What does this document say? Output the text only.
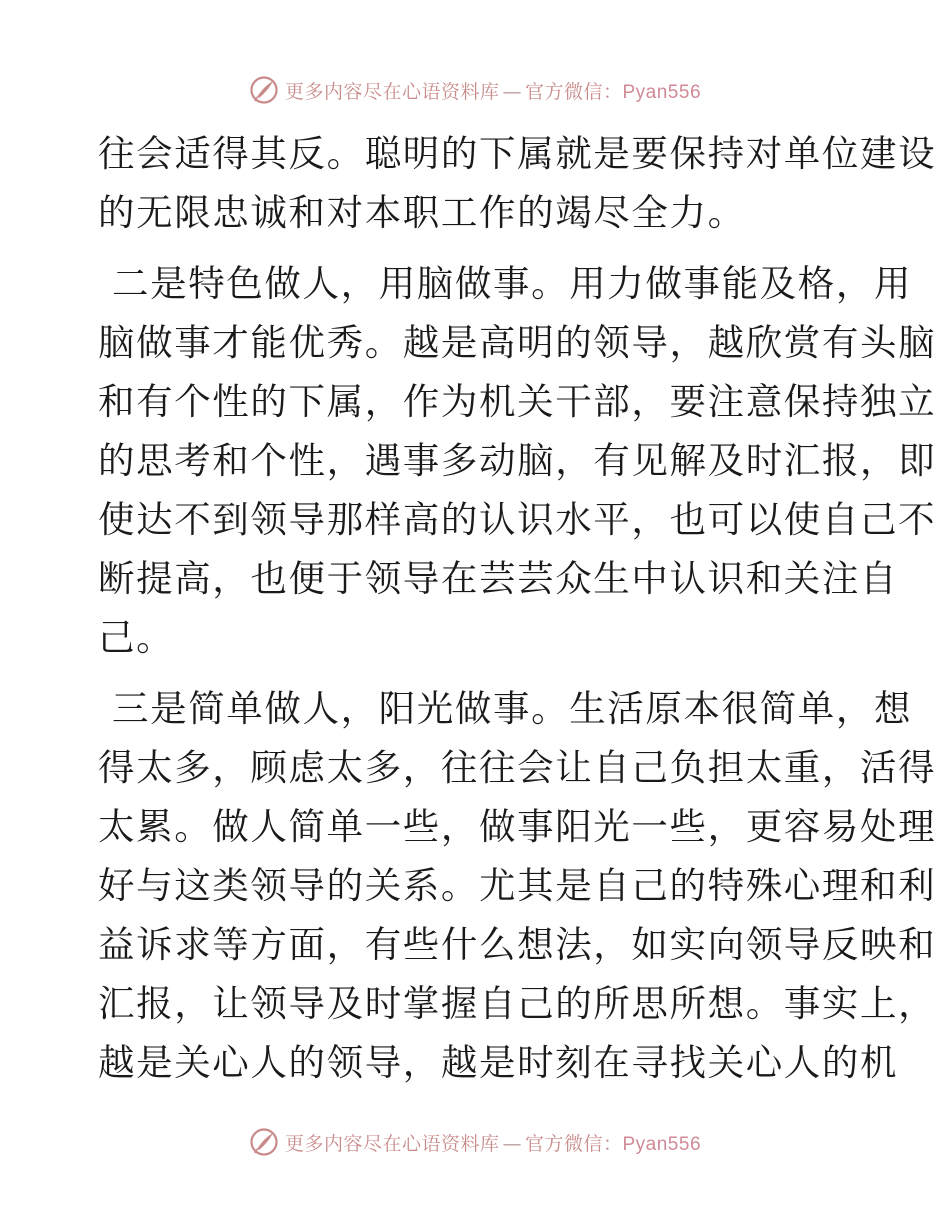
更多内容尽在心语资料库 — 官方微信：Pyan556
往会适得其反。聪明的下属就是要保持对单位建设
的无限忠诚和对本职工作的竭尽全力。
二是特色做人，用脑做事。用力做事能及格，用
脑做事才能优秀。越是高明的领导，越欣赏有头脑
和有个性的下属，作为机关干部，要注意保持独立
的思考和个性，遇事多动脑，有见解及时汇报，即
使达不到领导那样高的认识水平，也可以使自己不
断提高，也便于领导在芸芸众生中认识和关注自
己。
三是简单做人，阳光做事。生活原本很简单，想
得太多，顾虑太多，往往会让自己负担太重，活得
太累。做人简单一些，做事阳光一些，更容易处理
好与这类领导的关系。尤其是自己的特殊心理和利
益诉求等方面，有些什么想法，如实向领导反映和
汇报，让领导及时掌握自己的所思所想。事实上，
越是关心人的领导，越是时刻在寻找关心人的机
更多内容尽在心语资料库 — 官方微信：Pyan556
